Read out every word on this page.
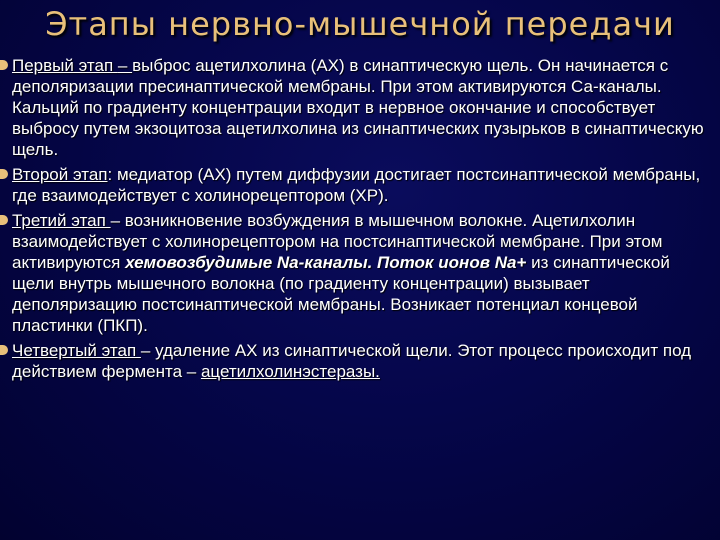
Этапы нервно-мышечной передачи
Первый этап – выброс ацетилхолина (АХ) в синаптическую щель. Он начинается с деполяризации пресинаптической мембраны. При этом активируются Са-каналы. Кальций по градиенту концентрации входит в нервное окончание и способствует выбросу путем экзоцитоза ацетилхолина из синаптических пузырьков в синаптическую щель.
Второй этап: медиатор (АХ) путем диффузии достигает постсинаптической мембраны, где взаимодействует с холинорецептором (ХР).
Третий этап – возникновение возбуждения в мышечном волокне. Ацетилхолин взаимодействует с холинорецептором на постсинаптической мембране. При этом активируются хемовозбудимые Na-каналы. Поток ионов Na+ из синаптической щели внутрь мышечного волокна (по градиенту концентрации) вызывает деполяризацию постсинаптической мембраны. Возникает потенциал концевой пластинки (ПКП).
Четвертый этап – удаление АХ из синаптической щели. Этот процесс происходит под действием фермента – ацетилхолинэстеразы.
